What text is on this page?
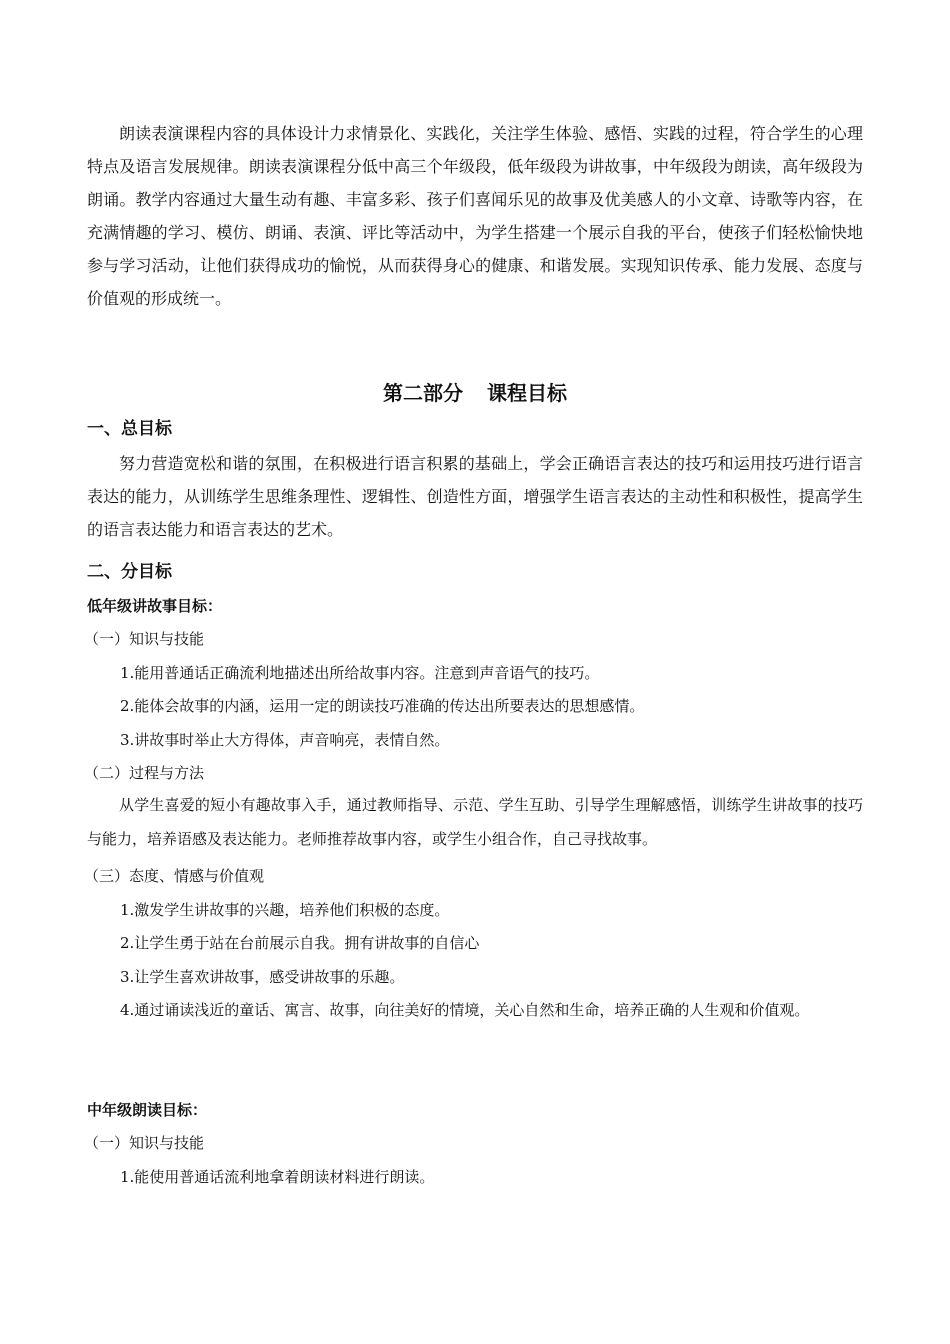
朗读表演课程内容的具体设计力求情景化、实践化，关注学生体验、感悟、实践的过程，符合学生的心理特点及语言发展规律。朗读表演课程分低中高三个年级段，低年级段为讲故事，中年级段为朗读，高年级段为朗诵。教学内容通过大量生动有趣、丰富多彩、孩子们喜闻乐见的故事及优美感人的小文章、诗歌等内容，在充满情趣的学习、模仿、朗诵、表演、评比等活动中，为学生搭建一个展示自我的平台，使孩子们轻松愉快地参与学习活动，让他们获得成功的愉悦，从而获得身心的健康、和谐发展。实现知识传承、能力发展、态度与价值观的形成统一。

第二部分 课程目标
一、总目标

努力营造宽松和谐的氛围，在积极进行语言积累的基础上，学会正确语言表达的技巧和运用技巧进行语言表达的能力，从训练学生思维条理性、逻辑性、创造性方面，增强学生语言表达的主动性和积极性，提高学生的语言表达能力和语言表达的艺术。

二、分目标
低年级讲故事目标：

（一）知识与技能

1.能用普通话正确流利地描述出所给故事内容。注意到声音语气的技巧。

2.能体会故事的内涵，运用一定的朗读技巧准确的传达出所要表达的思想感情。

3.讲故事时举止大方得体，声音响亮，表情自然。

（二）过程与方法

从学生喜爱的短小有趣故事入手，通过教师指导、示范、学生互助、引导学生理解感悟，训练学生讲故事的技巧与能力，培养语感及表达能力。老师推荐故事内容，或学生小组合作，自己寻找故事。

（三）态度、情感与价值观

1.激发学生讲故事的兴趣，培养他们积极的态度。

2.让学生勇于站在台前展示自我。拥有讲故事的自信心

3.让学生喜欢讲故事，感受讲故事的乐趣。

4.通过诵读浅近的童话、寓言、故事，向往美好的情境，关心自然和生命，培养正确的人生观和价值观。

中年级朗读目标：

（一）知识与技能

1.能使用普通话流利地拿着朗读材料进行朗读。
